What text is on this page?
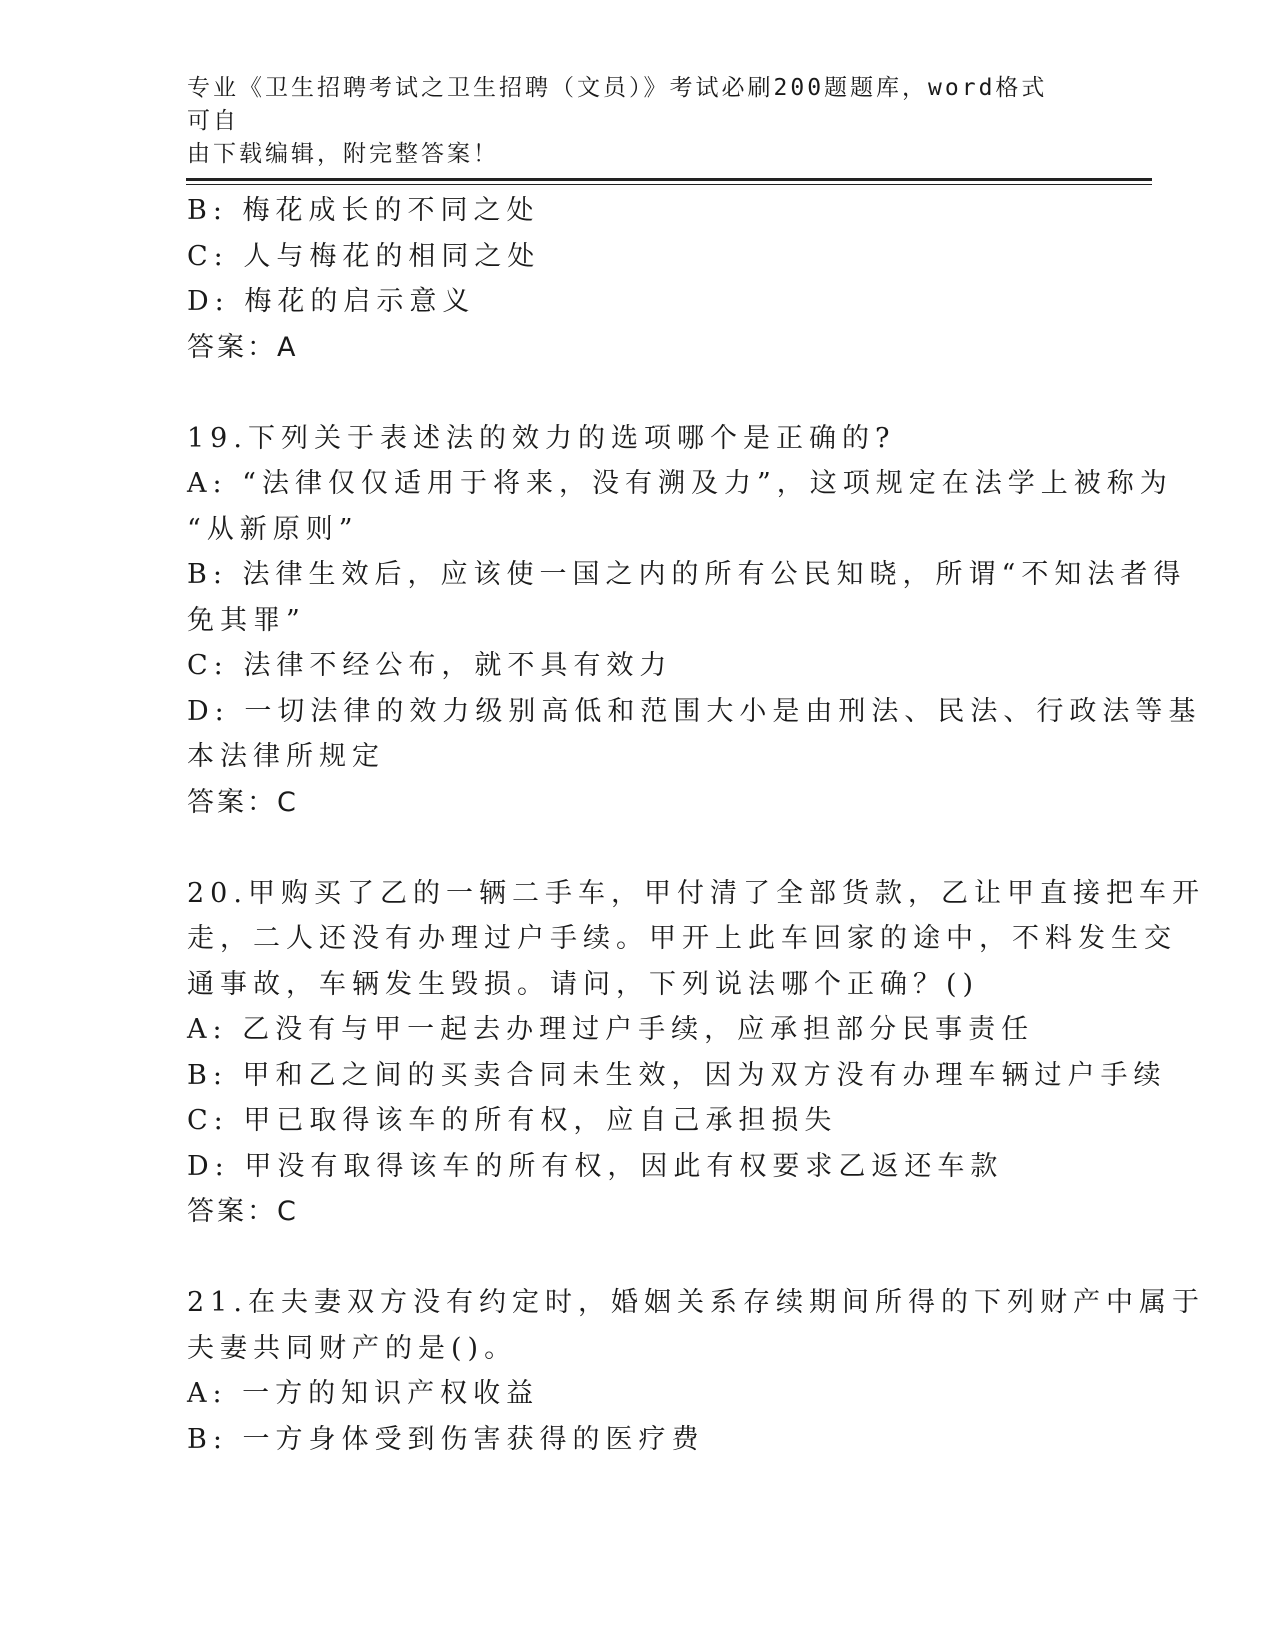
专业《卫生招聘考试之卫生招聘（文员）》考试必刷200题题库，word格式可自
由下载编辑，附完整答案！
B: 梅花成长的不同之处
C: 人与梅花的相同之处
D: 梅花的启示意义
答案：A
19.下列关于表述法的效力的选项哪个是正确的?
A: “法律仅仅适用于将来，没有溯及力”，这项规定在法学上被称为
“从新原则”
B: 法律生效后，应该使一国之内的所有公民知晓，所谓“不知法者得
免其罪”
C: 法律不经公布，就不具有效力
D: 一切法律的效力级别高低和范围大小是由刑法、民法、行政法等基
本法律所规定
答案：C
20.甲购买了乙的一辆二手车，甲付清了全部货款，乙让甲直接把车开
走，二人还没有办理过户手续。甲开上此车回家的途中，不料发生交
通事故，车辆发生毁损。请问，下列说法哪个正确？()
A: 乙没有与甲一起去办理过户手续，应承担部分民事责任
B: 甲和乙之间的买卖合同未生效，因为双方没有办理车辆过户手续
C: 甲已取得该车的所有权，应自己承担损失
D: 甲没有取得该车的所有权，因此有权要求乙返还车款
答案：C
21.在夫妻双方没有约定时，婚姻关系存续期间所得的下列财产中属于
夫妻共同财产的是()。
A: 一方的知识产权收益
B: 一方身体受到伤害获得的医疗费
